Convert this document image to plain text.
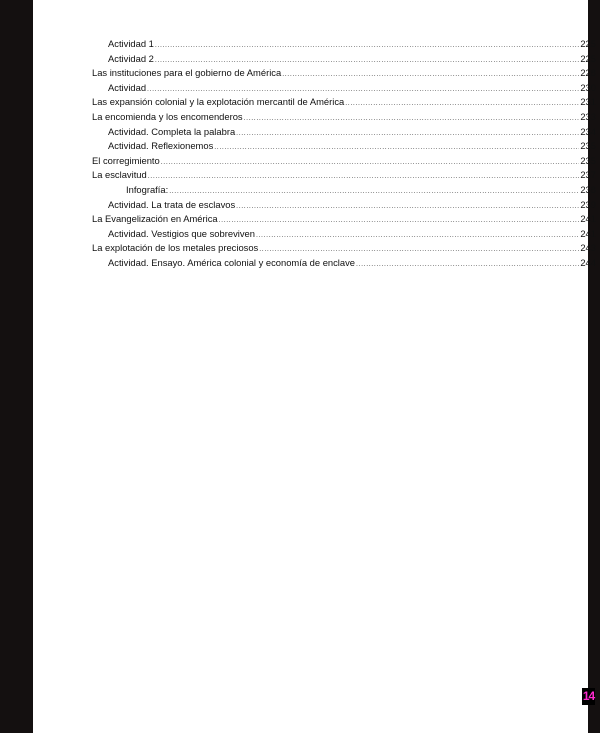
Actividad 1 .....	225
Actividad 2 .....	225
Las instituciones para el gobierno de América .....	228
Actividad .....	230
Las expansión colonial y la explotación mercantil de América .....	231
La encomienda y los encomenderos .....	233
Actividad. Completa la palabra .....	234
Actividad. Reflexionemos .....	235
El corregimiento .....	235
La esclavitud .....	237
Infografía: .....	238
Actividad. La trata de esclavos .....	239
La Evangelización en América .....	241
Actividad. Vestigios que sobreviven .....	241
La explotación de los metales preciosos .....	243
Actividad. Ensayo. América colonial y economía de enclave .....	244
14
